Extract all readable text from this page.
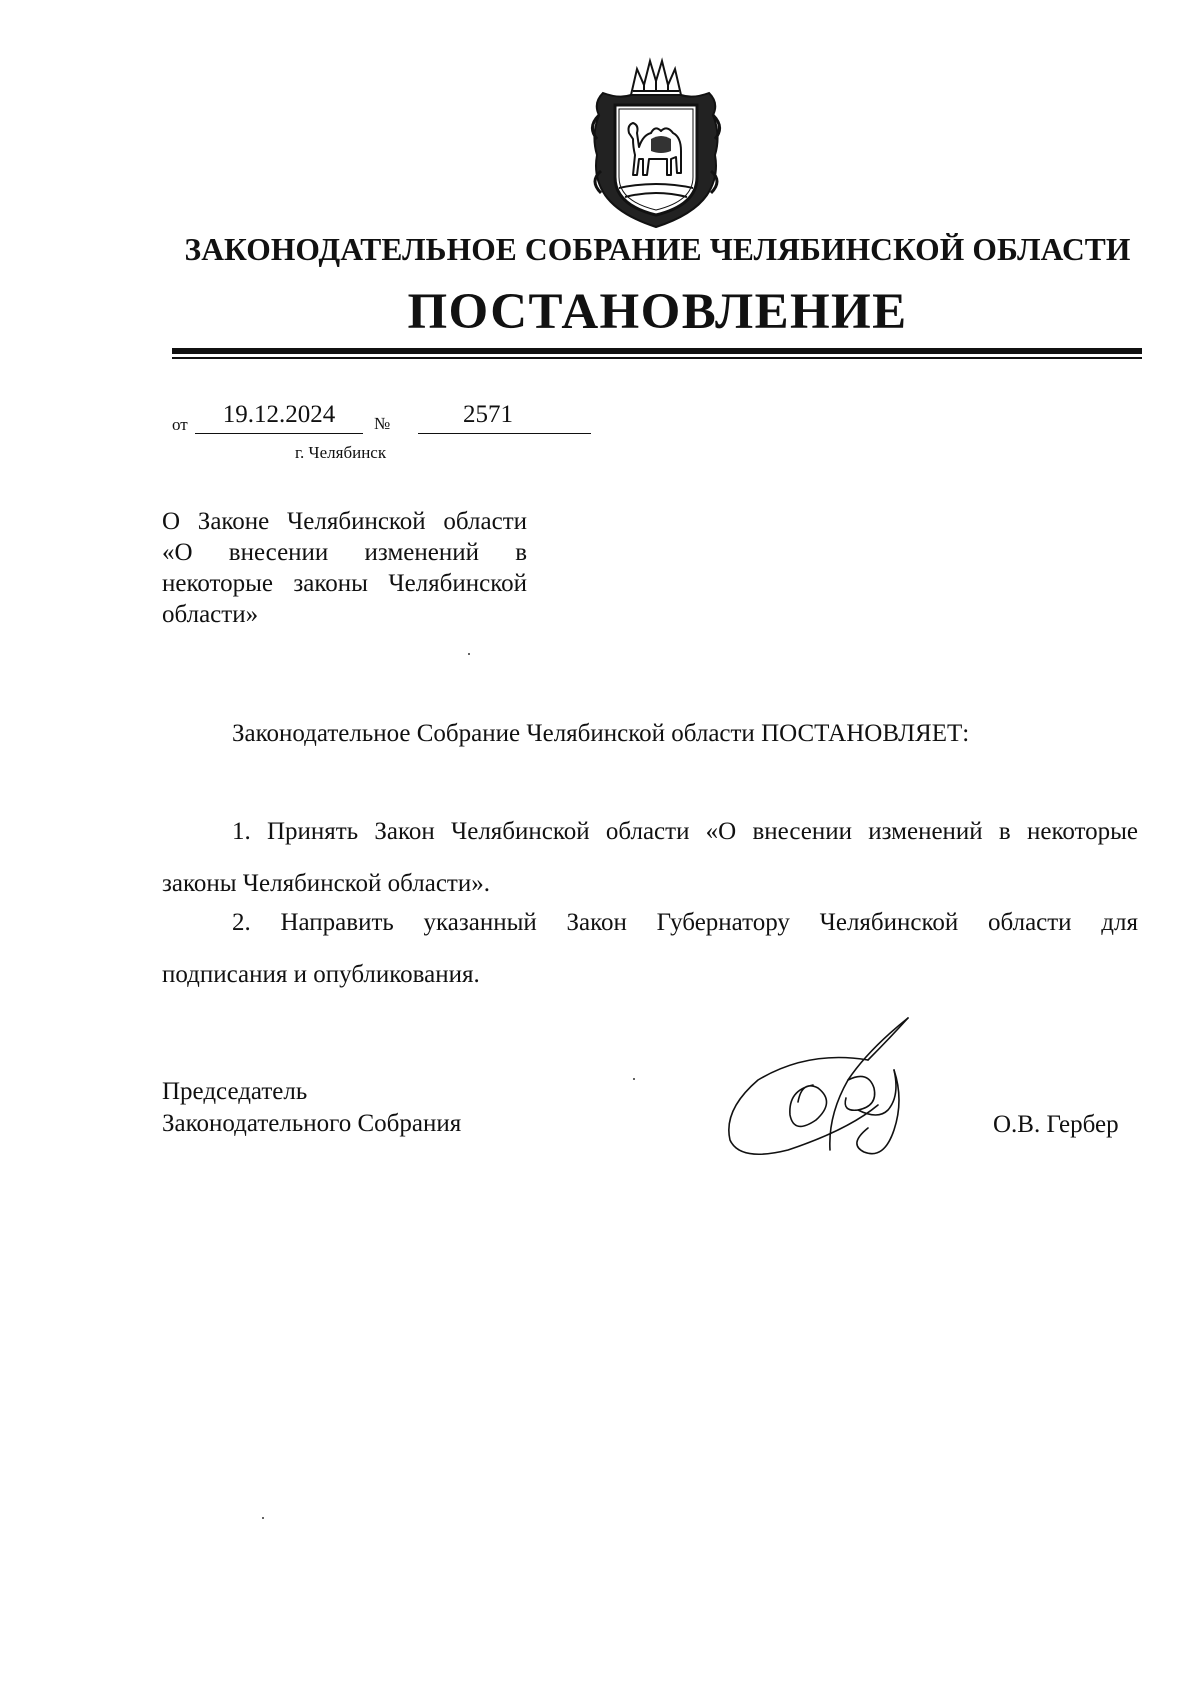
ЗАКОНОДАТЕЛЬНОЕ СОБРАНИЕ ЧЕЛЯБИНСКОЙ ОБЛАСТИ
ПОСТАНОВЛЕНИЕ
от	19.12.2024	№	2571
г. Челябинск
О Законе Челябинской области
«О внесении изменений в
некоторые законы Челябинской
области»
Законодательное Собрание Челябинской области ПОСТАНОВЛЯЕТ:
1. Принять Закон Челябинской области «О внесении изменений в некоторые
законы Челябинской области».
2. Направить указанный Закон Губернатору Челябинской области для
подписания и опубликования.
Председатель
Законодательного Собрания	О.В. Гербер
